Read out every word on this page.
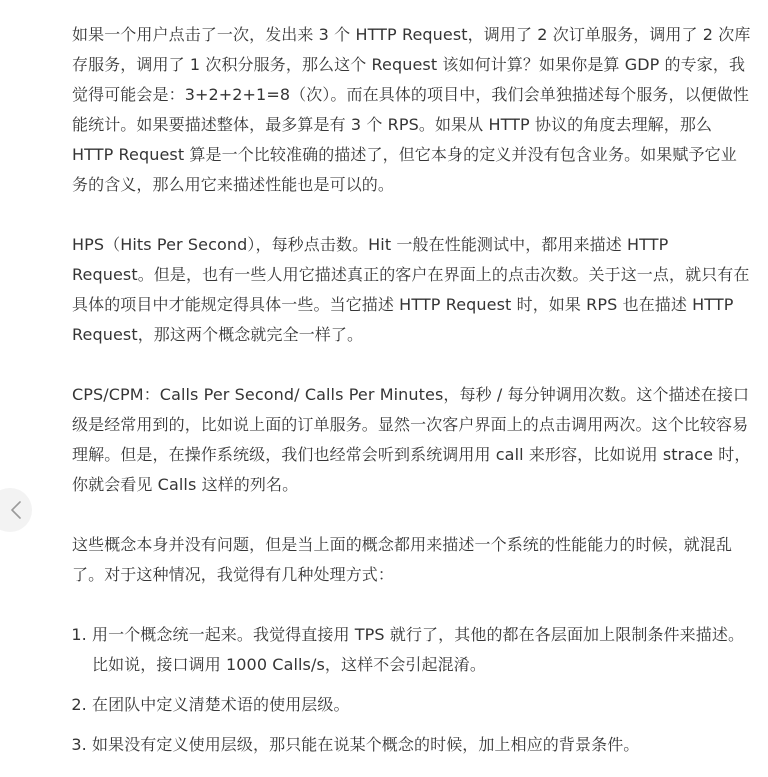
如果一个用户点击了一次，发出来 3 个 HTTP Request，调用了 2 次订单服务，调用了 2 次库存服务，调用了 1 次积分服务，那么这个 Request 该如何计算？如果你是算 GDP 的专家，我觉得可能会是：3+2+2+1=8（次）。而在具体的项目中，我们会单独描述每个服务，以便做性能统计。如果要描述整体，最多算是有 3 个 RPS。如果从 HTTP 协议的角度去理解，那么 HTTP Request 算是一个比较准确的描述了，但它本身的定义并没有包含业务。如果赋予它业务的含义，那么用它来描述性能也是可以的。

HPS（Hits Per Second），每秒点击数。Hit 一般在性能测试中，都用来描述 HTTP Request。但是，也有一些人用它描述真正的客户在界面上的点击次数。关于这一点，就只有在具体的项目中才能规定得具体一些。当它描述 HTTP Request 时，如果 RPS 也在描述 HTTP Request，那这两个概念就完全一样了。

CPS/CPM：Calls Per Second/ Calls Per Minutes，每秒 / 每分钟调用次数。这个描述在接口级是经常用到的，比如说上面的订单服务。显然一次客户界面上的点击调用两次。这个比较容易理解。但是，在操作系统级，我们也经常会听到系统调用用 call 来形容，比如说用 strace 时，你就会看见 Calls 这样的列名。

这些概念本身并没有问题，但是当上面的概念都用来描述一个系统的性能能力的时候，就混乱了。对于这种情况，我觉得有几种处理方式：

1. 用一个概念统一起来。我觉得直接用 TPS 就行了，其他的都在各层面加上限制条件来描述。比如说，接口调用 1000 Calls/s，这样不会引起混淆。
2. 在团队中定义清楚术语的使用层级。
3. 如果没有定义使用层级，那只能在说某个概念的时候，加上相应的背景条件。
